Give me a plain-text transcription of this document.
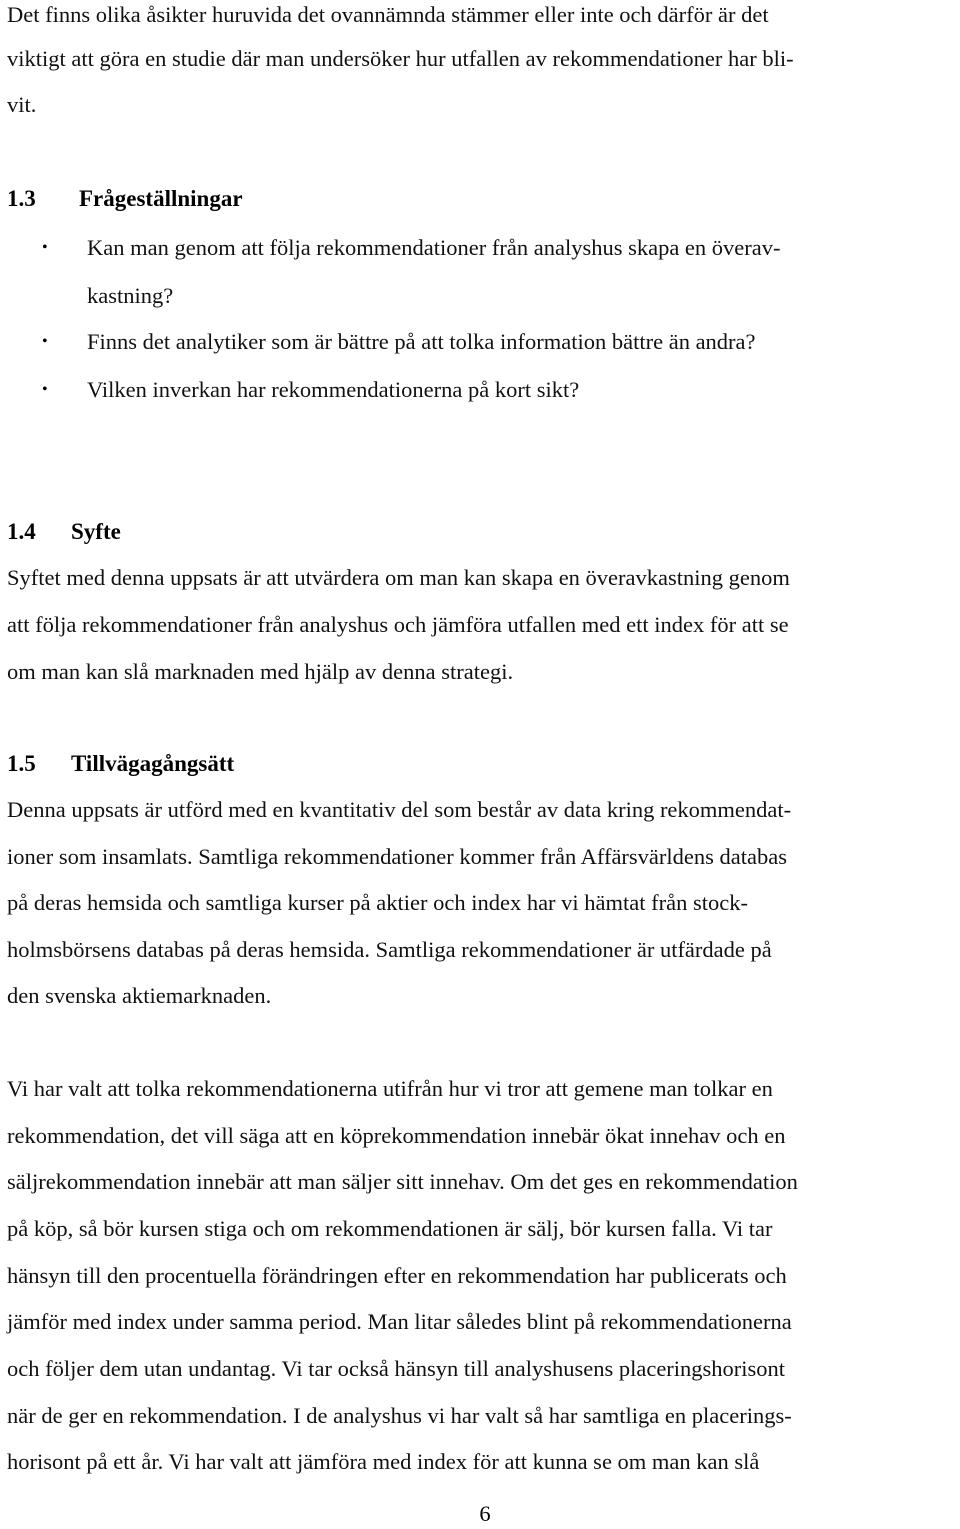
Det finns olika åsikter huruvida det ovannämnda stämmer eller inte och därför är det
viktigt att göra en studie där man undersöker hur utfallen av rekommendationer har bli-
vit.
1.3 Frågeställningar
• Kan man genom att följa rekommendationer från analyshus skapa en överav-
kastning?
• Finns det analytiker som är bättre på att tolka information bättre än andra?
• Vilken inverkan har rekommendationerna på kort sikt?
1.4 Syfte
Syftet med denna uppsats är att utvärdera om man kan skapa en överavkastning genom
att följa rekommendationer från analyshus och jämföra utfallen med ett index för att se
om man kan slå marknaden med hjälp av denna strategi.
1.5 Tillvägagångsätt
Denna uppsats är utförd med en kvantitativ del som består av data kring rekommendat-
ioner som insamlats. Samtliga rekommendationer kommer från Affärsvärldens databas
på deras hemsida och samtliga kurser på aktier och index har vi hämtat från stock-
holmsbörsens databas på deras hemsida. Samtliga rekommendationer är utfärdade på
den svenska aktiemarknaden.
Vi har valt att tolka rekommendationerna utifrån hur vi tror att gemene man tolkar en
rekommendation, det vill säga att en köprekommendation innebär ökat innehav och en
säljrekommendation innebär att man säljer sitt innehav. Om det ges en rekommendation
på köp, så bör kursen stiga och om rekommendationen är sälj, bör kursen falla. Vi tar
hänsyn till den procentuella förändringen efter en rekommendation har publicerats och
jämför med index under samma period. Man litar således blint på rekommendationerna
och följer dem utan undantag. Vi tar också hänsyn till analyshusens placeringshorisont
när de ger en rekommendation. I de analyshus vi har valt så har samtliga en placerings-
horisont på ett år. Vi har valt att jämföra med index för att kunna se om man kan slå
6
